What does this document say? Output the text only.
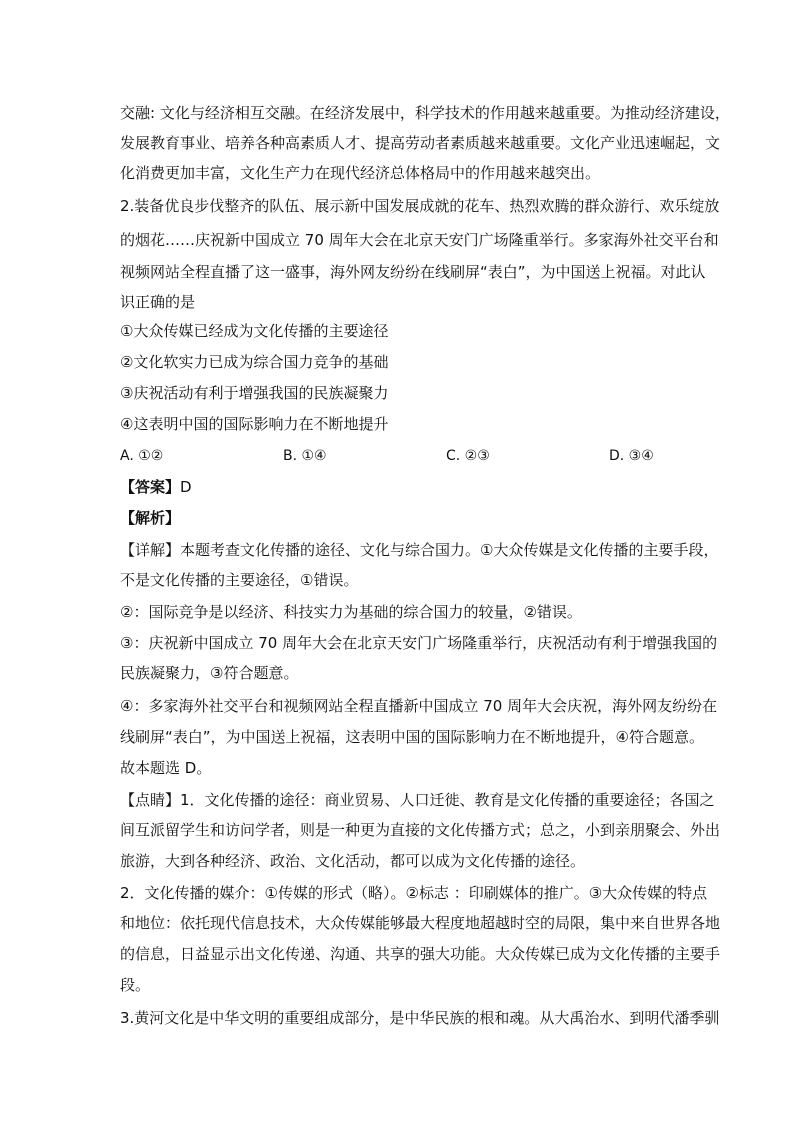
交融: 文化与经济相互交融。在经济发展中，科学技术的作用越来越重要。为推动经济建设，
发展教育事业、培养各种高素质人才、提高劳动者素质越来越重要。文化产业迅速崛起，文
化消费更加丰富，文化生产力在现代经济总体格局中的作用越来越突出。
2.装备优良步伐整齐的队伍、展示新中国发展成就的花车、热烈欢腾的群众游行、欢乐绽放
的烟花……庆祝新中国成立 70 周年大会在北京天安门广场隆重举行。多家海外社交平台和
视频网站全程直播了这一盛事，海外网友纷纷在线刷屏“表白”，为中国送上祝福。对此认
识正确的是
①大众传媒已经成为文化传播的主要途径
②文化软实力已成为综合国力竞争的基础
③庆祝活动有利于增强我国的民族凝聚力
④这表明中国的国际影响力在不断地提升
A. ①②	B. ①④	C. ②③	D. ③④
【答案】D
【解析】
【详解】本题考查文化传播的途径、文化与综合国力。①大众传媒是文化传播的主要手段，
不是文化传播的主要途径，①错误。
②：国际竞争是以经济、科技实力为基础的综合国力的较量，②错误。
③：庆祝新中国成立 70 周年大会在北京天安门广场隆重举行，庆祝活动有利于增强我国的
民族凝聚力，③符合题意。
④：多家海外社交平台和视频网站全程直播新中国成立 70 周年大会庆祝，海外网友纷纷在
线刷屏“表白”，为中国送上祝福，这表明中国的国际影响力在不断地提升，④符合题意。
故本题选 D。
【点睛】1．文化传播的途径：商业贸易、人口迁徙、教育是文化传播的重要途径；各国之
间互派留学生和访问学者，则是一种更为直接的文化传播方式；总之，小到亲朋聚会、外出
旅游，大到各种经济、政治、文化活动，都可以成为文化传播的途径。
2．文化传播的媒介：①传媒的形式（略）。②标志 ：印刷媒体的推广。③大众传媒的特点
和地位：依托现代信息技术，大众传媒能够最大程度地超越时空的局限，集中来自世界各地
的信息，日益显示出文化传递、沟通、共享的强大功能。大众传媒已成为文化传播的主要手
段。
3.黄河文化是中华文明的重要组成部分，是中华民族的根和魂。从大禹治水、到明代潘季驯
